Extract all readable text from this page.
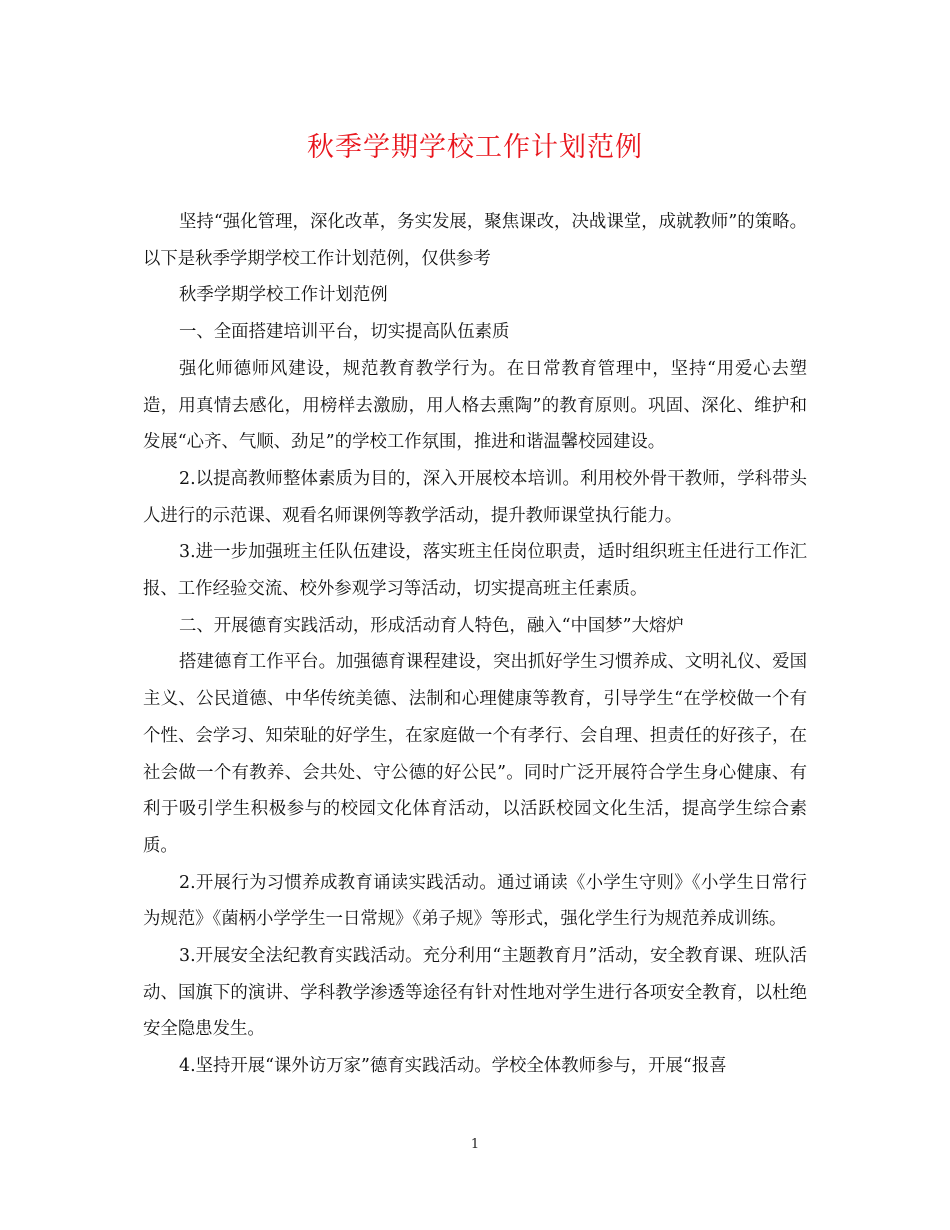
秋季学期学校工作计划范例

坚持“强化管理，深化改革，务实发展，聚焦课改，决战课堂，成就教师”的策略。以下是秋季学期学校工作计划范例，仅供参考

秋季学期学校工作计划范例

一、全面搭建培训平台，切实提高队伍素质

强化师德师风建设，规范教育教学行为。在日常教育管理中，坚持“用爱心去塑造，用真情去感化，用榜样去激励，用人格去熏陶”的教育原则。巩固、深化、维护和发展“心齐、气顺、劲足”的学校工作氛围，推进和谐温馨校园建设。

2.以提高教师整体素质为目的，深入开展校本培训。利用校外骨干教师，学科带头人进行的示范课、观看名师课例等教学活动，提升教师课堂执行能力。

3.进一步加强班主任队伍建设，落实班主任岗位职责，适时组织班主任进行工作汇报、工作经验交流、校外参观学习等活动，切实提高班主任素质。

二、开展德育实践活动，形成活动育人特色，融入“中国梦”大熔炉

搭建德育工作平台。加强德育课程建设，突出抓好学生习惯养成、文明礼仪、爱国主义、公民道德、中华传统美德、法制和心理健康等教育，引导学生“在学校做一个有个性、会学习、知荣耻的好学生，在家庭做一个有孝行、会自理、担责任的好孩子，在社会做一个有教养、会共处、守公德的好公民”。同时广泛开展符合学生身心健康、有利于吸引学生积极参与的校园文化体育活动，以活跃校园文化生活，提高学生综合素质。

2.开展行为习惯养成教育诵读实践活动。通过诵读《小学生守则》《小学生日常行为规范》《菌柄小学学生一日常规》《弟子规》等形式，强化学生行为规范养成训练。

3.开展安全法纪教育实践活动。充分利用“主题教育月”活动，安全教育课、班队活动、国旗下的演讲、学科教学渗透等途径有针对性地对学生进行各项安全教育，以杜绝安全隐患发生。

4.坚持开展“课外访万家”德育实践活动。学校全体教师参与，开展“报喜

1
